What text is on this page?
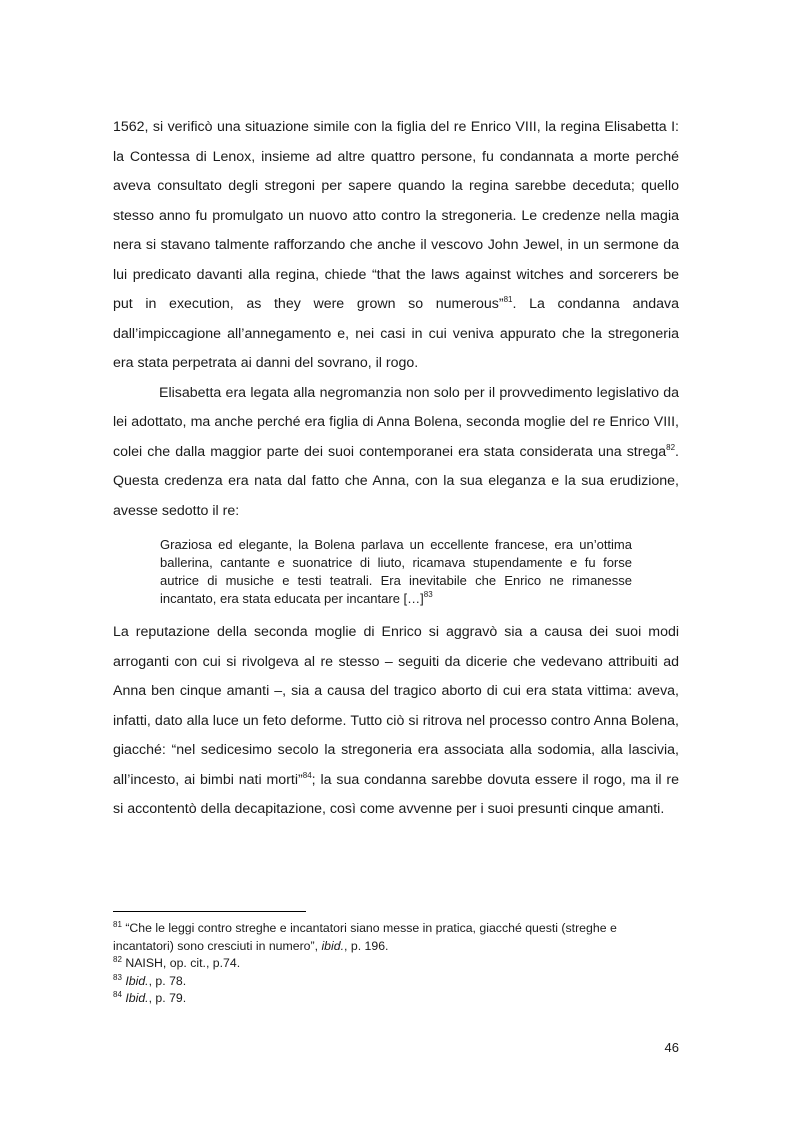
1562, si verificò una situazione simile con la figlia del re Enrico VIII, la regina Elisabetta I: la Contessa di Lenox, insieme ad altre quattro persone, fu condannata a morte perché aveva consultato degli stregoni per sapere quando la regina sarebbe deceduta; quello stesso anno fu promulgato un nuovo atto contro la stregoneria. Le credenze nella magia nera si stavano talmente rafforzando che anche il vescovo John Jewel, in un sermone da lui predicato davanti alla regina, chiede “that the laws against witches and sorcerers be put in execution, as they were grown so numerous”$^{81}$. La condanna andava dall’impiccagione all’annegamento e, nei casi in cui veniva appurato che la stregoneria era stata perpetrata ai danni del sovrano, il rogo.

Elisabetta era legata alla negromanzia non solo per il provvedimento legislativo da lei adottato, ma anche perché era figlia di Anna Bolena, seconda moglie del re Enrico VIII, colei che dalla maggior parte dei suoi contemporanei era stata considerata una strega$^{82}$. Questa credenza era nata dal fatto che Anna, con la sua eleganza e la sua erudizione, avesse sedotto il re:

Graziosa ed elegante, la Bolena parlava un eccellente francese, era un’ottima ballerina, cantante e suonatrice di liuto, ricamava stupendamente e fu forse autrice di musiche e testi teatrali. Era inevitabile che Enrico ne rimanesse incantato, era stata educata per incantare […]$^{83}$

La reputazione della seconda moglie di Enrico si aggravò sia a causa dei suoi modi arroganti con cui si rivolgeva al re stesso – seguiti da dicerie che vedevano attribuiti ad Anna ben cinque amanti –, sia a causa del tragico aborto di cui era stata vittima: aveva, infatti, dato alla luce un feto deforme. Tutto ciò si ritrova nel processo contro Anna Bolena, giacché: “nel sedicesimo secolo la stregoneria era associata alla sodomia, alla lascivia, all’incesto, ai bimbi nati morti”$^{84}$; la sua condanna sarebbe dovuta essere il rogo, ma il re si accontentò della decapitazione, così come avvenne per i suoi presunti cinque amanti.

$^{81}$ “Che le leggi contro streghe e incantatori siano messe in pratica, giacché questi (streghe e incantatori) sono cresciuti in numero”, ibid., p. 196.

$^{82}$ NAISH, op. cit., p.74.

$^{83}$ Ibid., p. 78.

$^{84}$ Ibid., p. 79.

46
